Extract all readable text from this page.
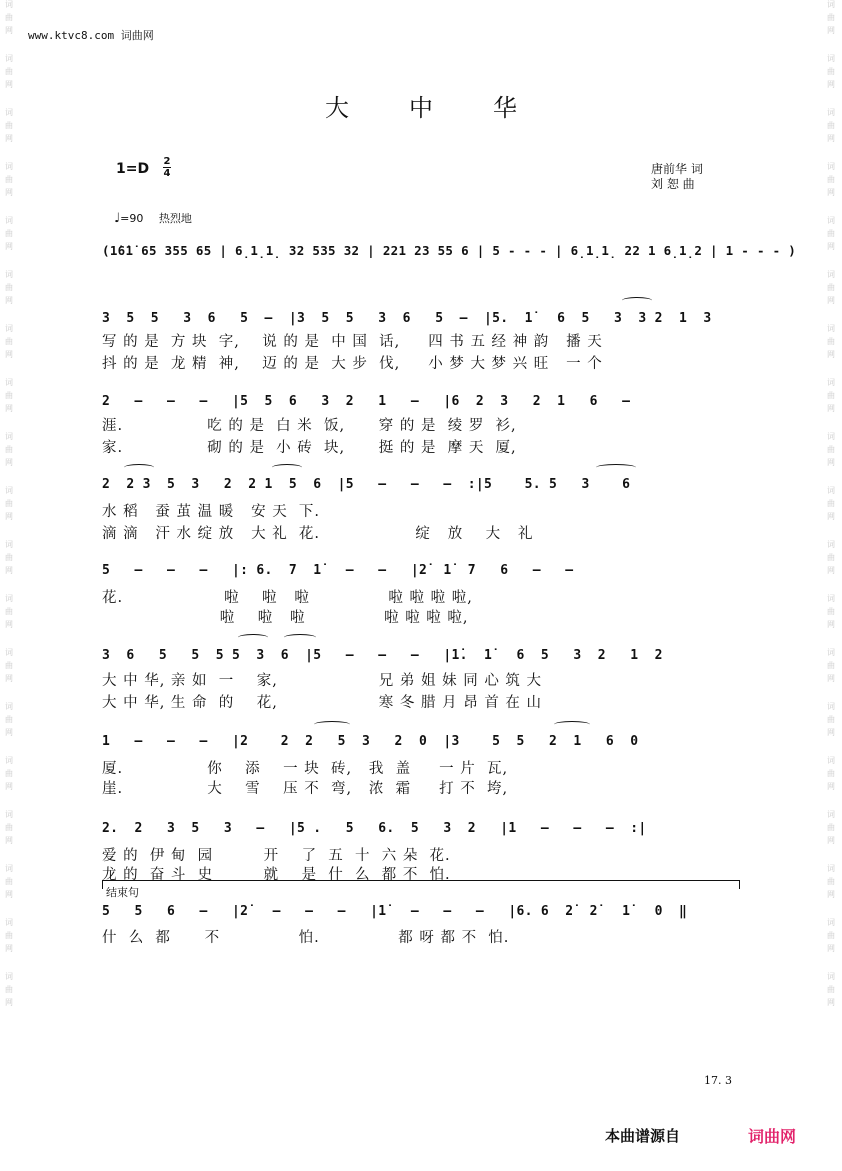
词
曲
网
词
曲
网
词
曲
网
词
曲
网
词
曲
网
词
曲
网
词
曲
网
词
曲
网
词
曲
网
词
曲
网
词
曲
网
词
曲
网
词
曲
网
词
曲
网
词
曲
网
词
曲
网
词
曲
网
词
曲
网
词
曲
网
词
曲
网
词
曲
网
词
曲
网
词
曲
网
词
曲
网
词
曲
网
词
曲
网
词
曲
网
词
曲
网
词
曲
网
词
曲
网
词
曲
网
词
曲
网
词
曲
网
词
曲
网
词
曲
网
词
曲
网
词
曲
网
词
曲
网
www.ktvc8.com 词曲网
大中华
1=D 2
4	唐前华 词
刘 恕 曲
♩=90 热烈地
(1̇6̇1̇ 65 355 65 | 6̣1̣1̣ 32 535 32 | 221 23 55 6 | 5 - - - | 6̣1̣1̣ 22 1 6̣1̣2 | 1 - - - )
3  5  5   3  6   5  –  |3  5  5   3  6   5  –  |5.  1̇   6  5   3  3 2  1  3
写 的 是  方 块  字,    说 的 是  中 国  话,     四 书 五 经 神 韵   播 天
抖 的 是  龙 精  神,    迈 的 是  大 步  伐,     小 梦 大 梦 兴 旺   一 个
2   –   –   –   |5  5  6   3  2   1   –   |6  2  3   2  1   6   –
涯.               吃 的 是  白 米  饭,      穿 的 是  绫 罗  衫,
家.               砌 的 是  小 砖  块,      挺 的 是  摩 天  厦,
2  2 3  5  3   2  2 1  5  6  |5   –   –   –  :|5    5. 5   3    6
水 稻   蚕 茧 温 暖   安 天  下.
滴 滴   汗 水 绽 放   大 礼  花.                 绽   放    大   礼
5   –   –   –   |: 6.  7  1̇   –   –   |2̇  1̇  7   6   –   –
花.                  啦    啦   啦              啦 啦 啦 啦,
啦    啦   啦              啦 啦 啦 啦,
3  6   5   5  5 5  3  6  |5   –   –   –   |1̇.  1̇   6  5   3  2   1  2
大 中 华, 亲 如  一    家,                  兄 弟 姐 妹 同 心 筑 大
大 中 华, 生 命  的    花,                  寒 冬 腊 月 昂 首 在 山
1   –   –   –   |2    2  2   5  3   2  0  |3    5  5   2  1   6  0
厦.               你    添    一 块  砖,   我  盖     一 片  瓦,
崖.               大    雪    压 不  弯,   浓  霜     打 不  垮,
2.  2   3  5   3   –   |5 .   5   6.  5   3  2   |1   –   –   –  :|
爱 的  伊 甸  园         开    了  五  十  六 朵  花.
龙 的  奋 斗  史         就    是  什  么  都 不  怕.
结束句
5   5   6   –   |2̇   –   –   –   |1̇   –   –   –   |6. 6  2̇  2̇   1̇   0  ‖
什  么  都      不              怕.              都 呀 都 不  怕.
17. 3
本曲谱源自	词曲网
